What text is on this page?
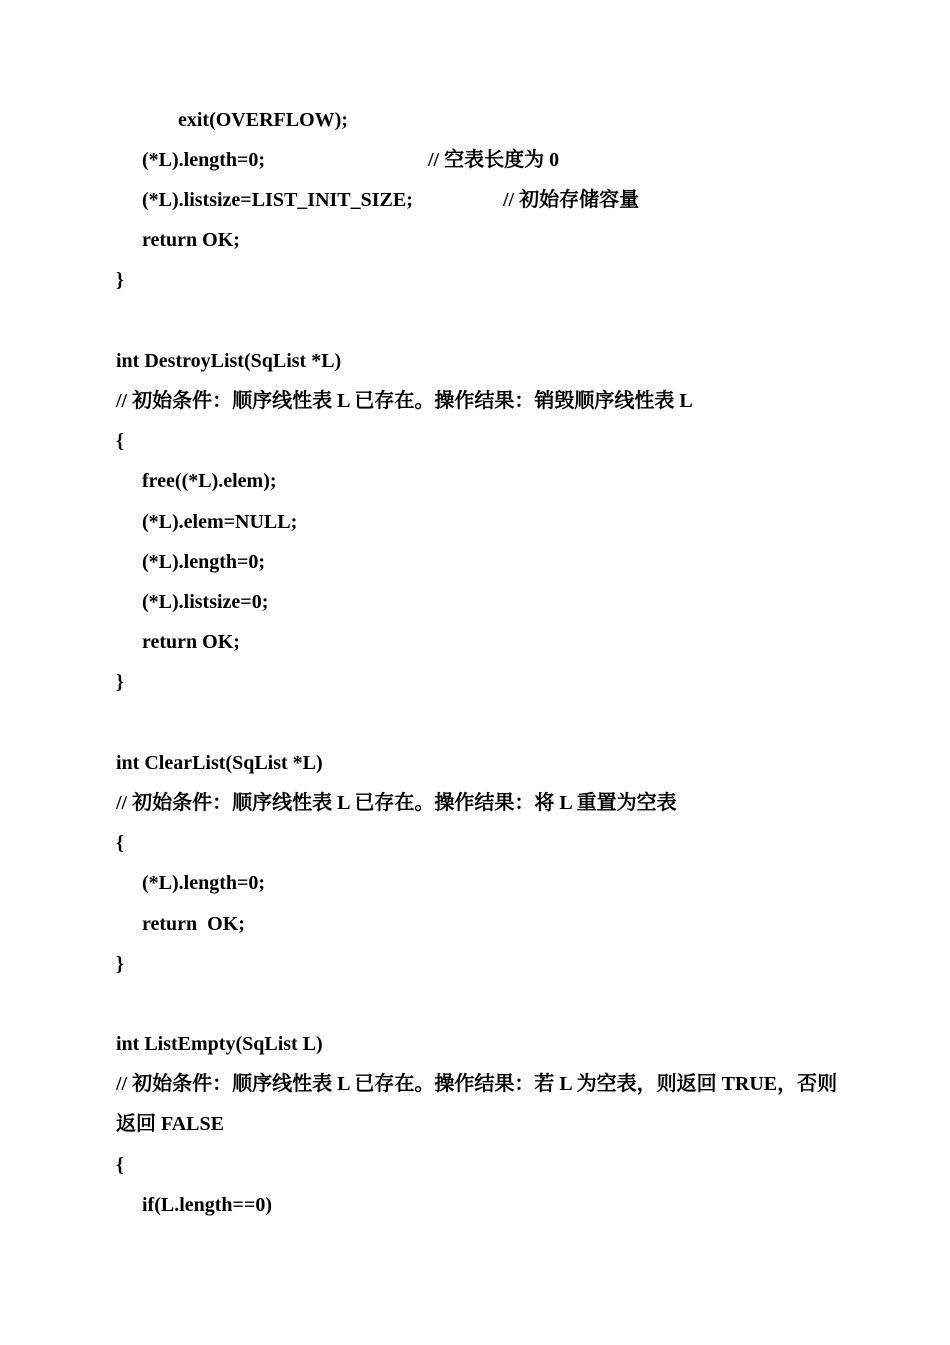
exit(OVERFLOW);
(*L).length=0;	// 空表长度为 0
(*L).listsize=LIST_INIT_SIZE;	// 初始存储容量
return OK;
}
int DestroyList(SqList *L)
// 初始条件：顺序线性表 L 已存在。操作结果：销毁顺序线性表 L
{
free((*L).elem);
(*L).elem=NULL;
(*L).length=0;
(*L).listsize=0;
return OK;
}
int ClearList(SqList *L)
// 初始条件：顺序线性表 L 已存在。操作结果：将 L 重置为空表
{
(*L).length=0;
return  OK;
}
int ListEmpty(SqList L)
// 初始条件：顺序线性表 L 已存在。操作结果：若 L 为空表，则返回 TRUE，否则
返回 FALSE
{
if(L.length==0)
